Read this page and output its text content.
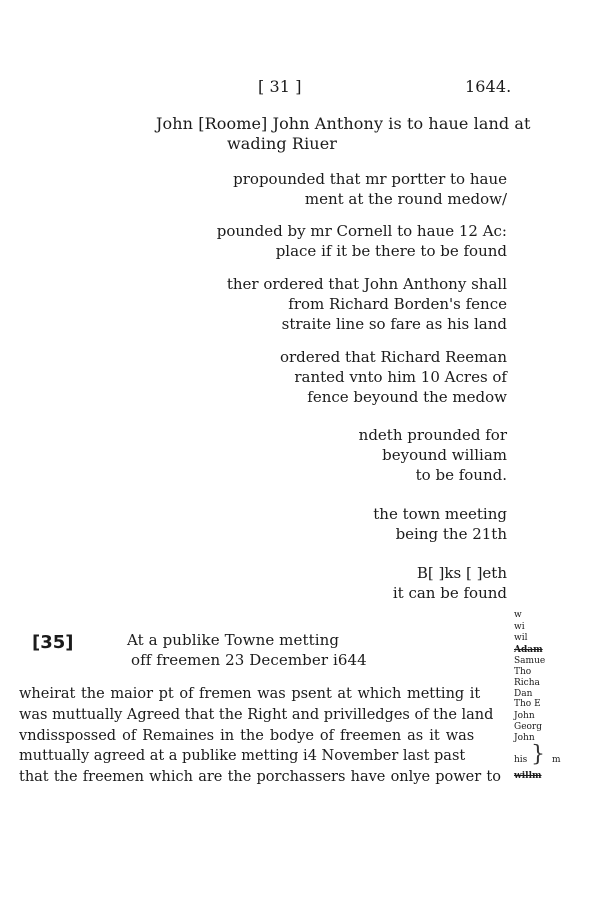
[ 31 ]	1644.
John [Roome] John Anthony is to haue land at
wading Riuer
propounded that mr portter to haue
ment at the round medow/
pounded by mr Cornell to haue 12 Ac:
place if it be there to be found
ther ordered that John Anthony shall
from Richard Borden's fence
straite line so fare as his land
ordered that Richard Reeman
ranted vnto him 10 Acres of
fence beyound the medow
ndeth prounded for
beyound william
to be found.
the town meeting
being the 21th
B[ ]ks [ ]eth
it can be found
[35]	At a publike Towne metting
off freemen 23 December i644
wheirat the maior pt of fremen was psent at which metting it
was muttually Agreed that the Right and privilledges of the land
vndisspossed of Remaines in the bodye of freemen as it was
muttually agreed at a publike metting i4 November last past
that the freemen which are the porchassers have onlye power to
w
wi
wil
Adam
Samue
Tho
Richa
Dan
Tho E
John
Georg
John
his } m
willm
